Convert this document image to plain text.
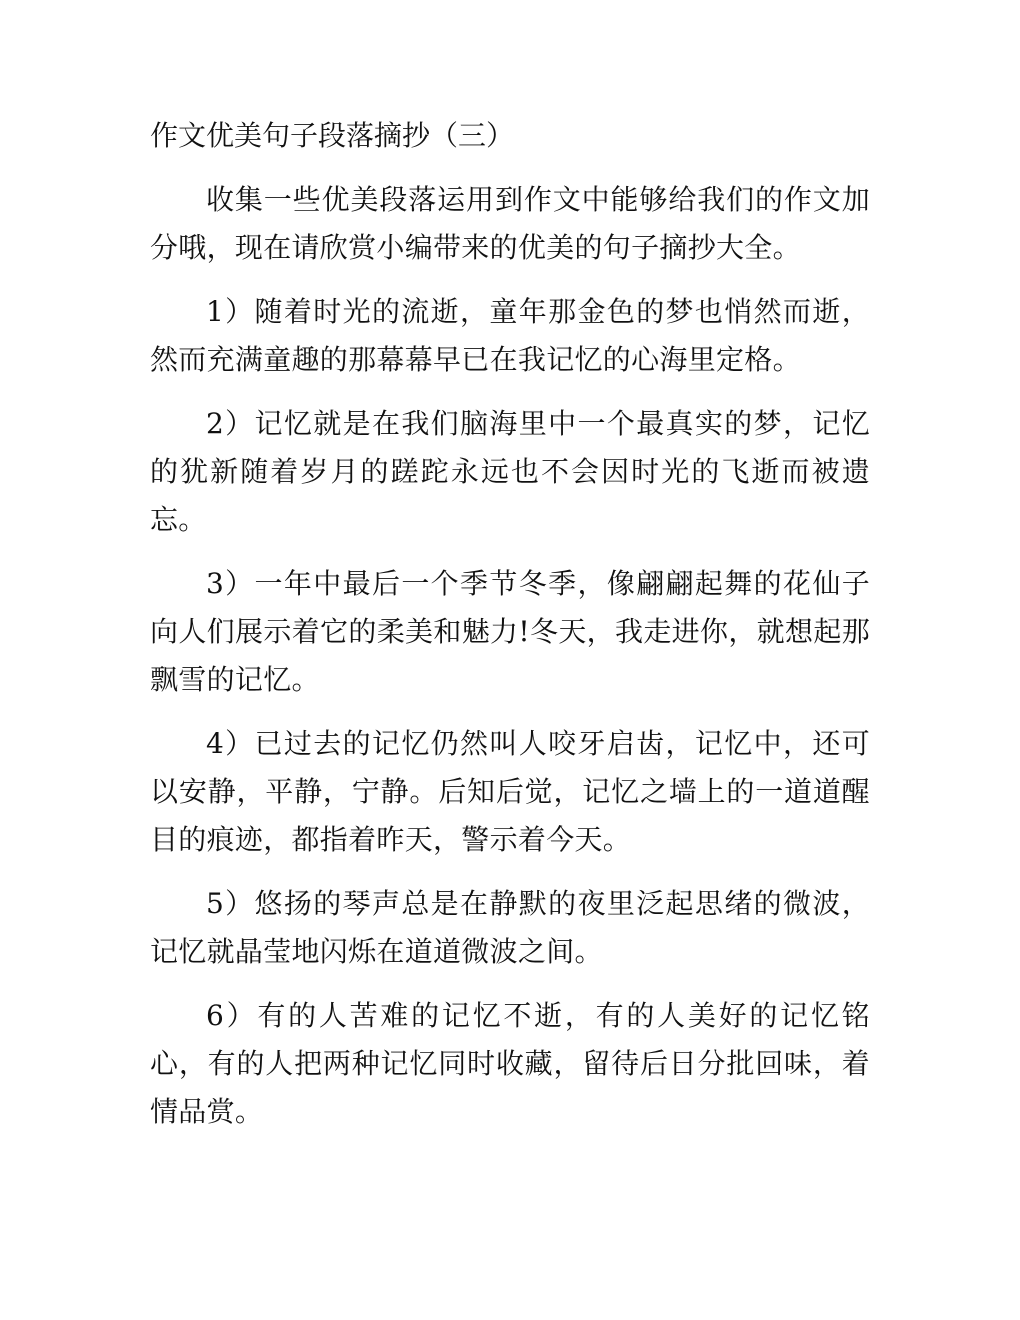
作文优美句子段落摘抄（三）

收集一些优美段落运用到作文中能够给我们的作文加分哦，现在请欣赏小编带来的优美的句子摘抄大全。

1）随着时光的流逝，童年那金色的梦也悄然而逝，然而充满童趣的那幕幕早已在我记忆的心海里定格。

2）记忆就是在我们脑海里中一个最真实的梦，记忆的犹新随着岁月的蹉跎永远也不会因时光的飞逝而被遗忘。

3）一年中最后一个季节冬季，像翩翩起舞的花仙子向人们展示着它的柔美和魅力!冬天，我走进你，就想起那飘雪的记忆。

4）已过去的记忆仍然叫人咬牙启齿，记忆中，还可以安静，平静，宁静。后知后觉，记忆之墙上的一道道醒目的痕迹，都指着昨天，警示着今天。

5）悠扬的琴声总是在静默的夜里泛起思绪的微波，记忆就晶莹地闪烁在道道微波之间。

6）有的人苦难的记忆不逝，有的人美好的记忆铭心，有的人把两种记忆同时收藏，留待后日分批回味，着情品赏。
